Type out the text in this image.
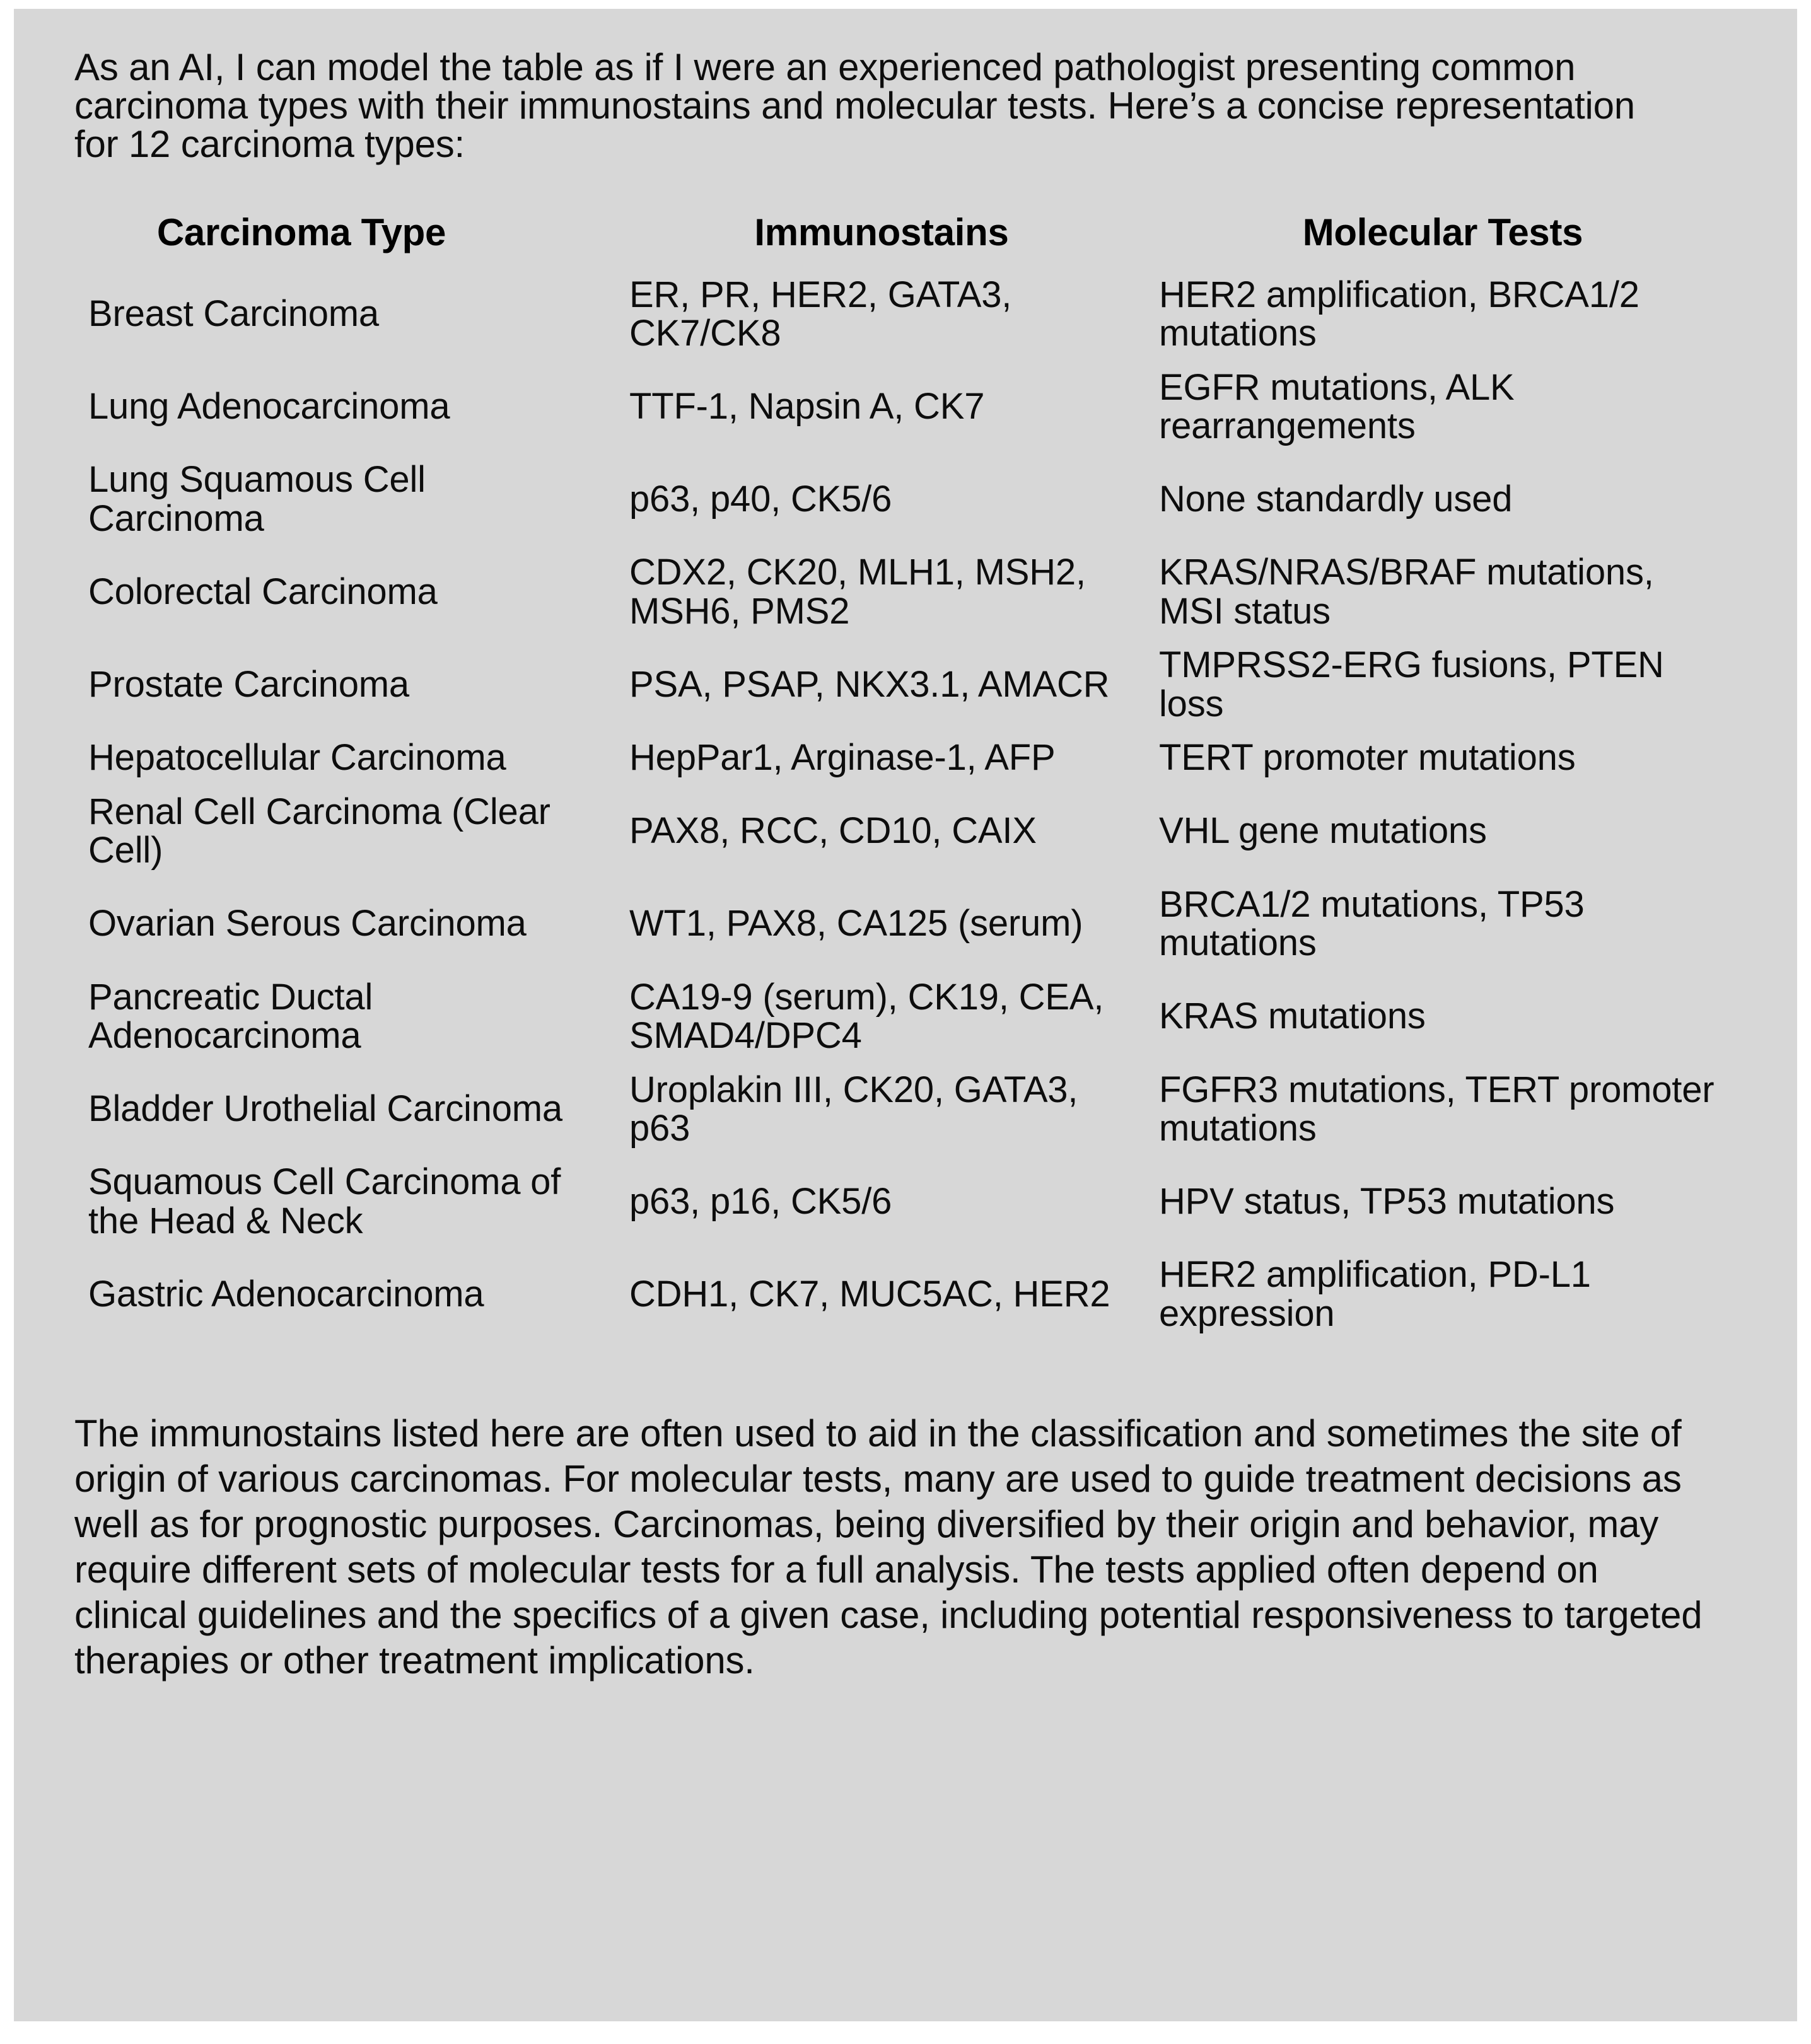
As an AI, I can model the table as if I were an experienced pathologist presenting common carcinoma types with their immunostains and molecular tests. Here’s a concise representation for 12 carcinoma types:

Carcinoma Type	Immunostains	Molecular Tests
Breast Carcinoma	ER, PR, HER2, GATA3, CK7/CK8	HER2 amplification, BRCA1/2 mutations
Lung Adenocarcinoma	TTF-1, Napsin A, CK7	EGFR mutations, ALK rearrangements
Lung Squamous Cell Carcinoma	p63, p40, CK5/6	None standardly used
Colorectal Carcinoma	CDX2, CK20, MLH1, MSH2, MSH6, PMS2	KRAS/NRAS/BRAF mutations, MSI status
Prostate Carcinoma	PSA, PSAP, NKX3.1, AMACR	TMPRSS2-ERG fusions, PTEN loss
Hepatocellular Carcinoma	HepPar1, Arginase-1, AFP	TERT promoter mutations
Renal Cell Carcinoma (Clear Cell)	PAX8, RCC, CD10, CAIX	VHL gene mutations
Ovarian Serous Carcinoma	WT1, PAX8, CA125 (serum)	BRCA1/2 mutations, TP53 mutations
Pancreatic Ductal Adenocarcinoma	CA19-9 (serum), CK19, CEA, SMAD4/DPC4	KRAS mutations
Bladder Urothelial Carcinoma	Uroplakin III, CK20, GATA3, p63	FGFR3 mutations, TERT promoter mutations
Squamous Cell Carcinoma of the Head & Neck	p63, p16, CK5/6	HPV status, TP53 mutations
Gastric Adenocarcinoma	CDH1, CK7, MUC5AC, HER2	HER2 amplification, PD-L1 expression

The immunostains listed here are often used to aid in the classification and sometimes the site of origin of various carcinomas. For molecular tests, many are used to guide treatment decisions as well as for prognostic purposes. Carcinomas, being diversified by their origin and behavior, may require different sets of molecular tests for a full analysis. The tests applied often depend on clinical guidelines and the specifics of a given case, including potential responsiveness to targeted therapies or other treatment implications.
